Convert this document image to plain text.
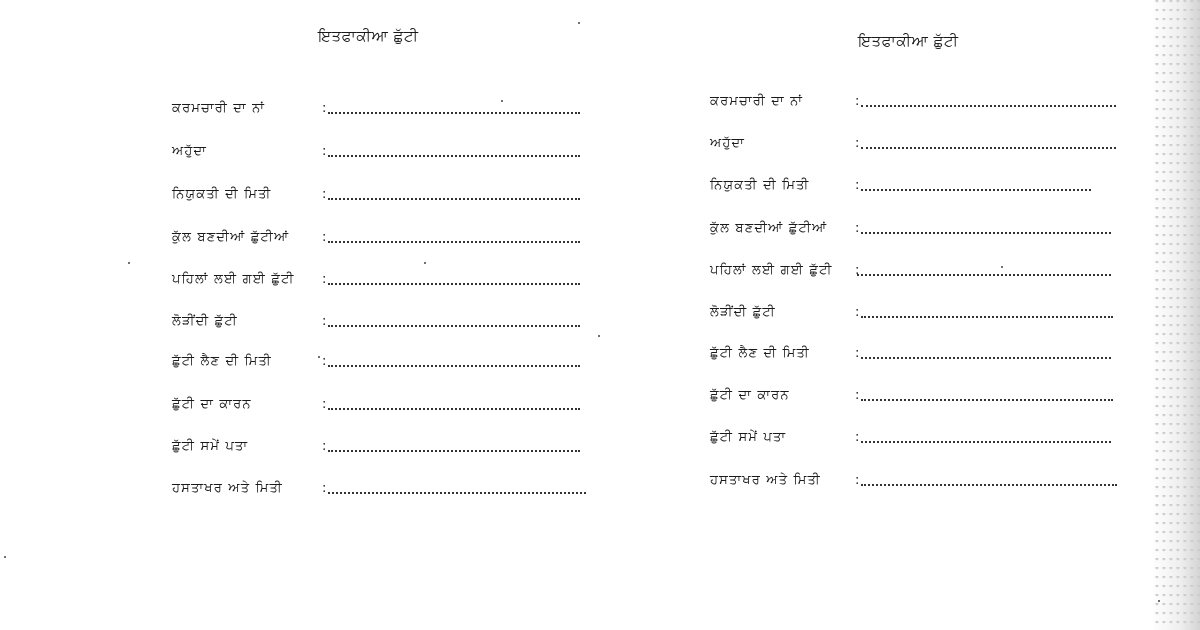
ਇਤਫਾਕੀਆ ਛੁੱਟੀ
ਕਰਮਚਾਰੀ ਦਾ ਨਾਂ	:
ਅਹੁੱਦਾ	:
ਨਿਯੁਕਤੀ ਦੀ ਮਿਤੀ	:
ਕੁੱਲ ਬਣਦੀਆਂ ਛੁੱਟੀਆਂ	:
ਪਹਿਲਾਂ ਲਈ ਗਈ ਛੁੱਟੀ :
ਲੋੜੀਂਦੀ ਛੁੱਟੀ	:
ਛੁੱਟੀ ਲੈਣ ਦੀ ਮਿਤੀ	:
ਛੁੱਟੀ ਦਾ ਕਾਰਨ	:
ਛੁੱਟੀ ਸਮੇਂ ਪਤਾ	:
ਹਸਤਾਖਰ ਅਤੇ ਮਿਤੀ	:
ਇਤਫਾਕੀਆ ਛੁੱਟੀ
ਕਰਮਚਾਰੀ ਦਾ ਨਾਂ	:
ਅਹੁੱਦਾ	:
ਨਿਯੁਕਤੀ ਦੀ ਮਿਤੀ	:
ਕੁੱਲ ਬਣਦੀਆਂ ਛੁੱਟੀਆਂ :
ਪਹਿਲਾਂ ਲਈ ਗਈ ਛੁੱਟੀ :
ਲੋੜੀਂਦੀ ਛੁੱਟੀ	:
ਛੁੱਟੀ ਲੈਣ ਦੀ ਮਿਤੀ	:
ਛੁੱਟੀ ਦਾ ਕਾਰਨ	:
ਛੁੱਟੀ ਸਮੇਂ ਪਤਾ	:
ਹਸਤਾਖਰ ਅਤੇ ਮਿਤੀ	:
